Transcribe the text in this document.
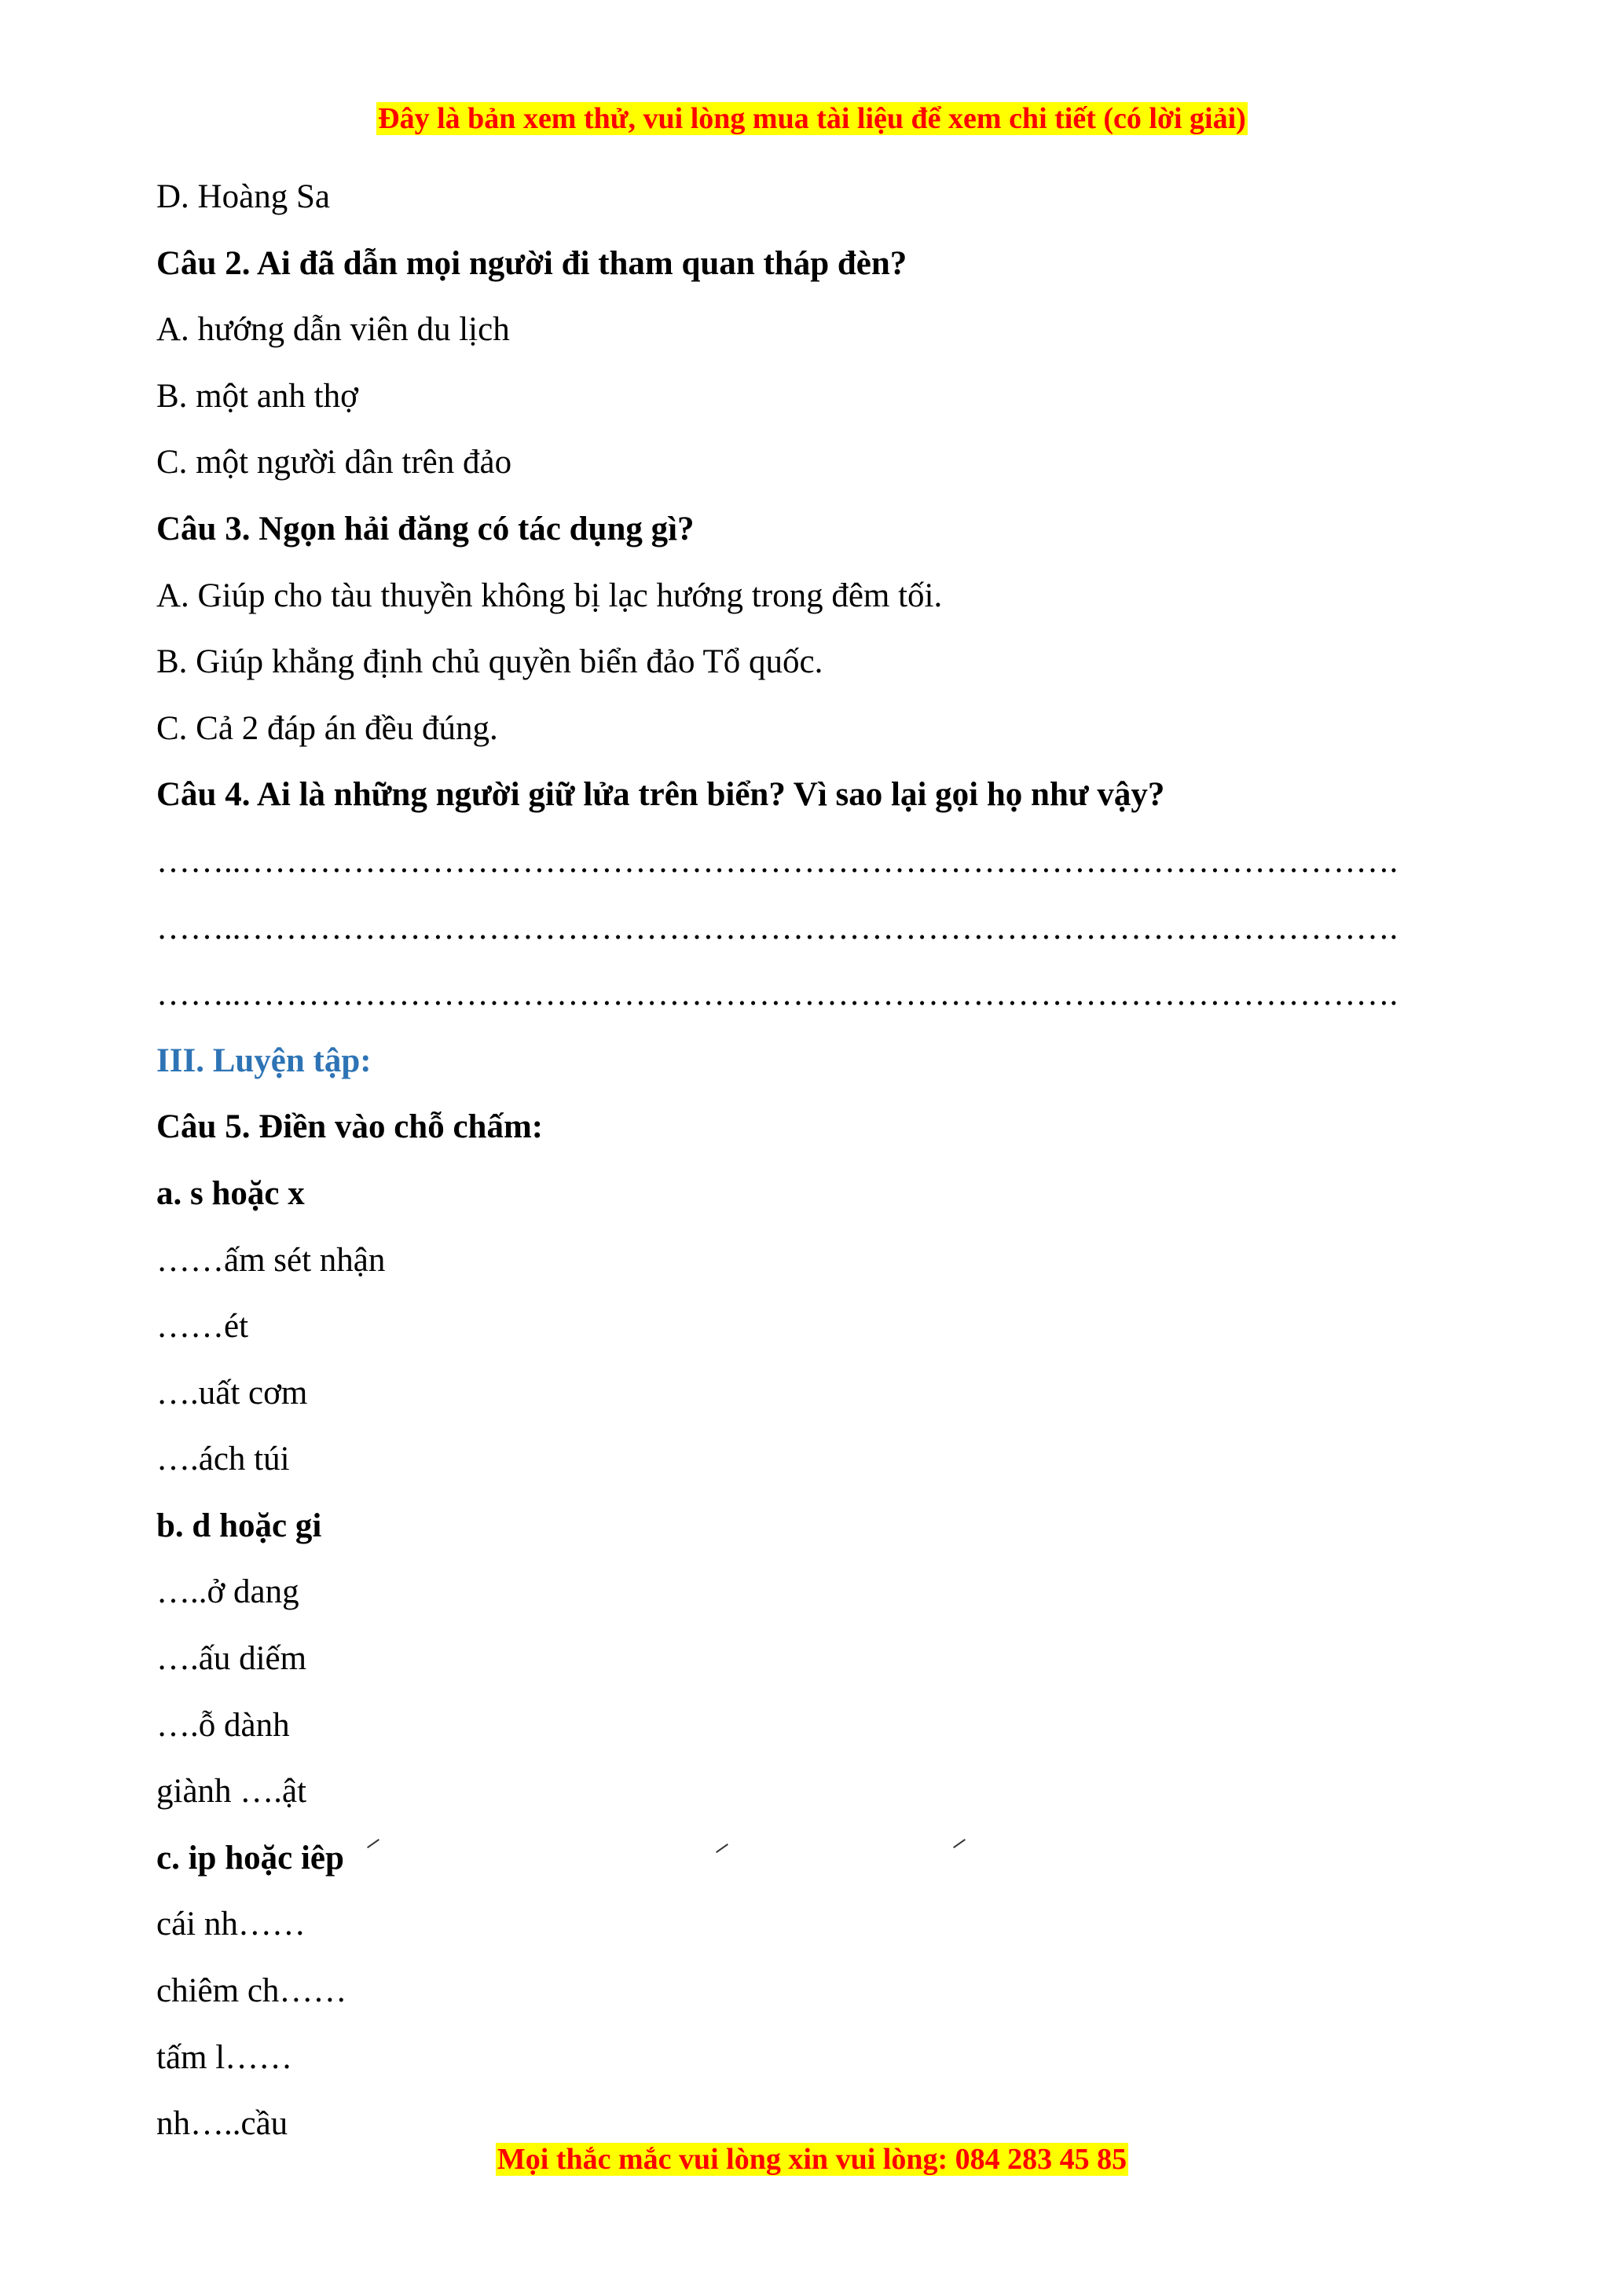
Đây là bản xem thử, vui lòng mua tài liệu để xem chi tiết (có lời giải)
D. Hoàng Sa
Câu 2. Ai đã dẫn mọi người đi tham quan tháp đèn?
A. hướng dẫn viên du lịch
B. một anh thợ
C. một người dân trên đảo
Câu 3. Ngọn hải đăng có tác dụng gì?
A. Giúp cho tàu thuyền không bị lạc hướng trong đêm tối.
B. Giúp khẳng định chủ quyền biển đảo Tổ quốc.
C. Cả 2 đáp án đều đúng.
Câu 4. Ai là những người giữ lửa trên biển? Vì sao lại gọi họ như vậy?
……..………………………………………………………………………………………….
……..………………………………………………………………………………………….
……..………………………………………………………………………………………….
III. Luyện tập:
Câu 5. Điền vào chỗ chấm:
a. s hoặc x
……ấm sét nhận
……ét
….uất cơm
….ách túi
b. d hoặc gi
…..ở dang
….ấu diếm
….ỗ dành
giành ….ật
c. ip hoặc iêp
cái nh……
chiêm ch……
tấm l……
nh…..cầu
Mọi thắc mắc vui lòng xin vui lòng: 084 283 45 85
